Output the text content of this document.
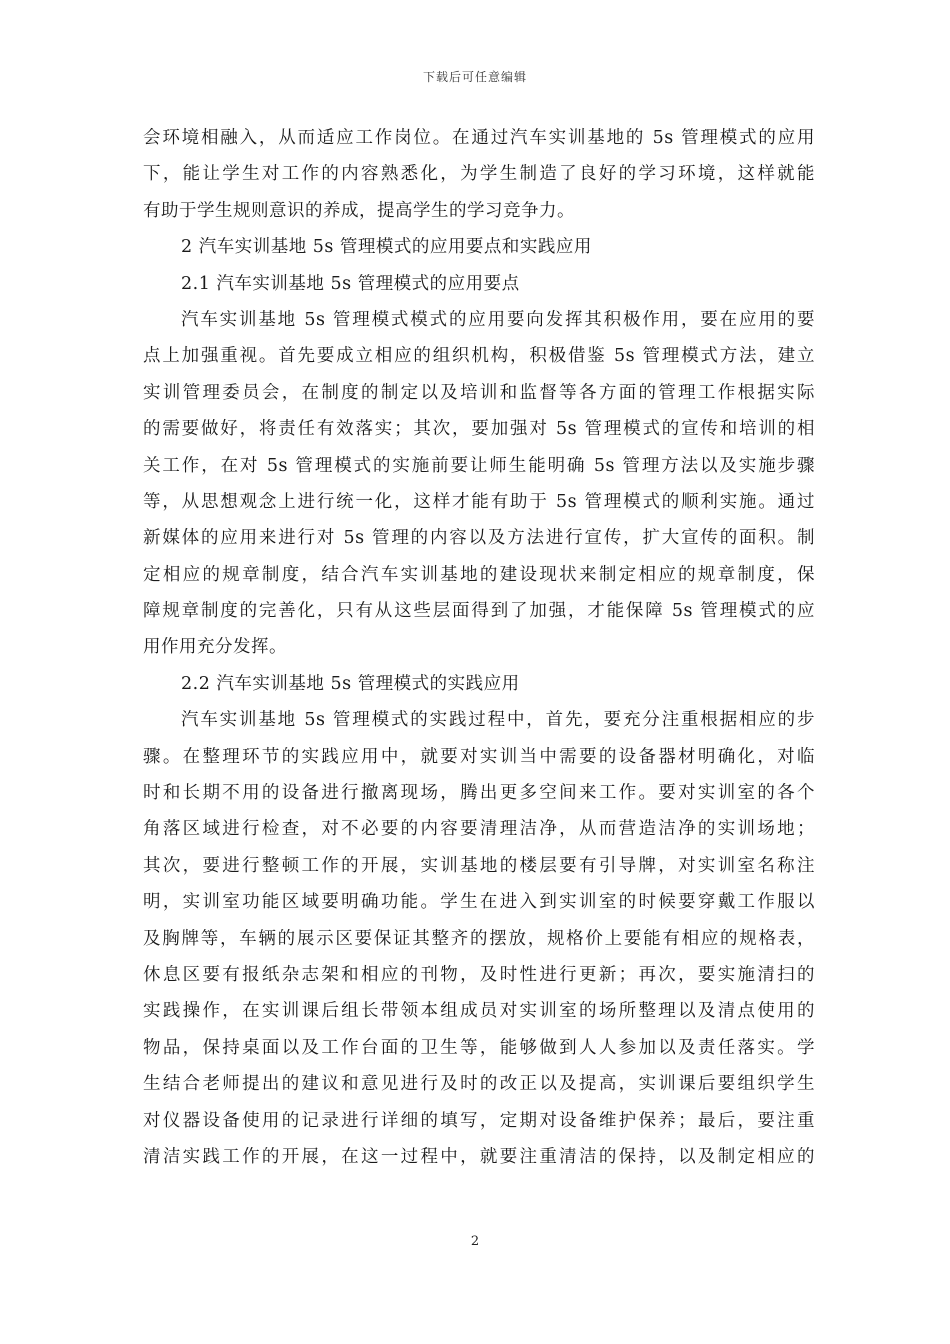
下载后可任意编辑
会环境相融入，从而适应工作岗位。在通过汽车实训基地的 5s 管理模式的应用
下，能让学生对工作的内容熟悉化，为学生制造了良好的学习环境，这样就能
有助于学生规则意识的养成，提高学生的学习竞争力。
2 汽车实训基地 5s 管理模式的应用要点和实践应用
2.1 汽车实训基地 5s 管理模式的应用要点
汽车实训基地 5s 管理模式模式的应用要向发挥其积极作用，要在应用的要
点上加强重视。首先要成立相应的组织机构，积极借鉴 5s 管理模式方法，建立
实训管理委员会，在制度的制定以及培训和监督等各方面的管理工作根据实际
的需要做好，将责任有效落实；其次，要加强对 5s 管理模式的宣传和培训的相
关工作，在对 5s 管理模式的实施前要让师生能明确 5s 管理方法以及实施步骤
等，从思想观念上进行统一化，这样才能有助于 5s 管理模式的顺利实施。通过
新媒体的应用来进行对 5s 管理的内容以及方法进行宣传，扩大宣传的面积。制
定相应的规章制度，结合汽车实训基地的建设现状来制定相应的规章制度，保
障规章制度的完善化，只有从这些层面得到了加强，才能保障 5s 管理模式的应
用作用充分发挥。
2.2 汽车实训基地 5s 管理模式的实践应用
汽车实训基地 5s 管理模式的实践过程中，首先，要充分注重根据相应的步
骤。在整理环节的实践应用中，就要对实训当中需要的设备器材明确化，对临
时和长期不用的设备进行撤离现场，腾出更多空间来工作。要对实训室的各个
角落区域进行检查，对不必要的内容要清理洁净，从而营造洁净的实训场地；
其次，要进行整顿工作的开展，实训基地的楼层要有引导牌，对实训室名称注
明，实训室功能区域要明确功能。学生在进入到实训室的时候要穿戴工作服以
及胸牌等，车辆的展示区要保证其整齐的摆放，规格价上要能有相应的规格表，
休息区要有报纸杂志架和相应的刊物，及时性进行更新；再次，要实施清扫的
实践操作，在实训课后组长带领本组成员对实训室的场所整理以及清点使用的
物品，保持桌面以及工作台面的卫生等，能够做到人人参加以及责任落实。学
生结合老师提出的建议和意见进行及时的改正以及提高，实训课后要组织学生
对仪器设备使用的记录进行详细的填写，定期对设备维护保养；最后，要注重
清洁实践工作的开展，在这一过程中，就要注重清洁的保持，以及制定相应的
2
